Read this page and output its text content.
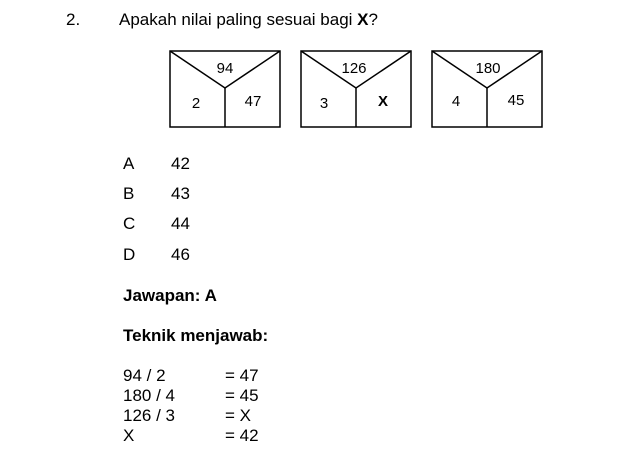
2. Apakah nilai paling sesuai bagi X?
94
2	47
126
3	X
180
4	45
A 42
B 43
C 44
D 46
Jawapan: A
Teknik menjawab:
94 / 2	= 47
180 / 4	= 45
126 / 3	= X
X	= 42
